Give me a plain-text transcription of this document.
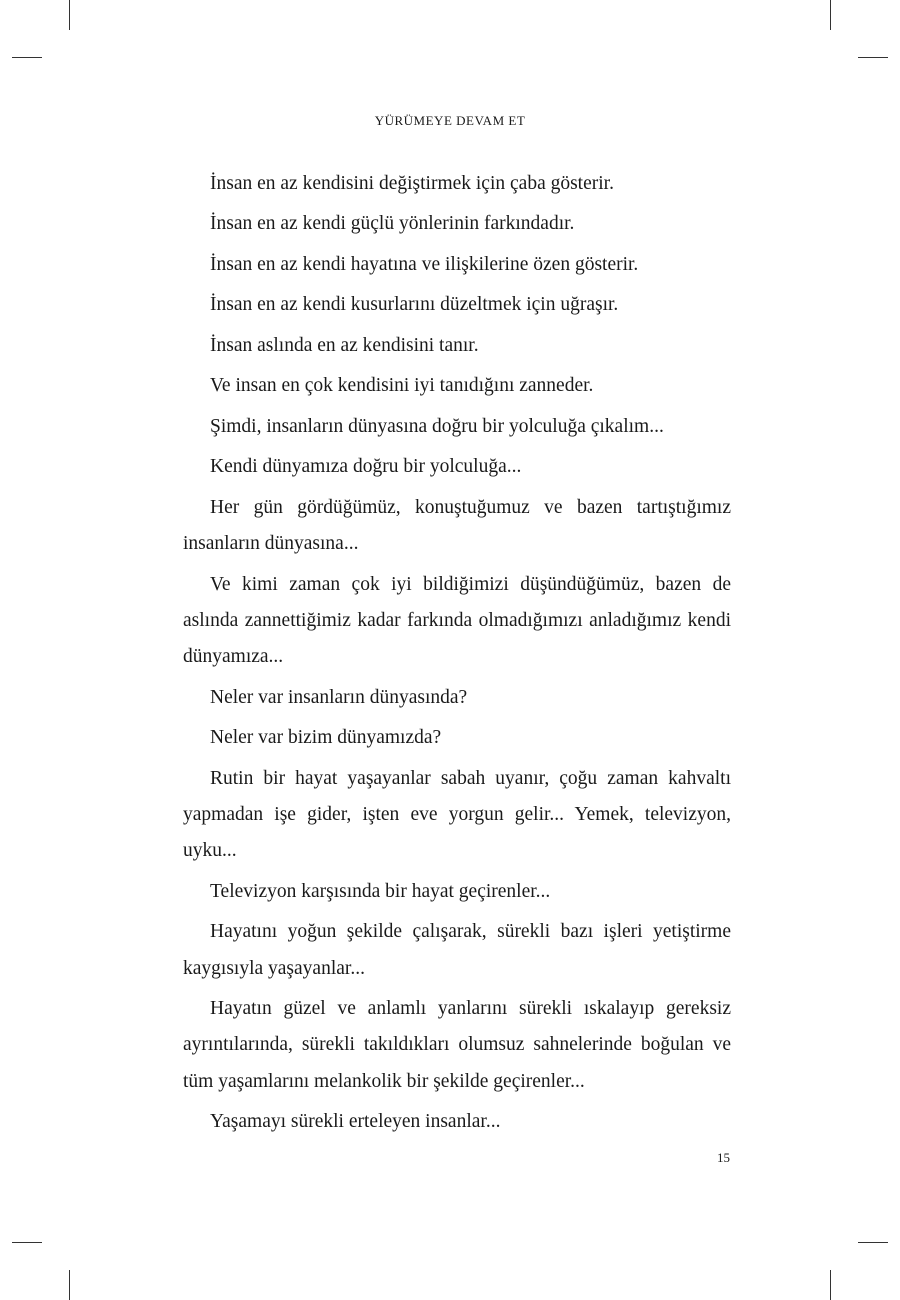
YÜRÜMEYE DEVAM ET

İnsan en az kendisini değiştirmek için çaba gösterir.

İnsan en az kendi güçlü yönlerinin farkındadır.

İnsan en az kendi hayatına ve ilişkilerine özen gösterir.

İnsan en az kendi kusurlarını düzeltmek için uğraşır.

İnsan aslında en az kendisini tanır.

Ve insan en çok kendisini iyi tanıdığını zanneder.

Şimdi, insanların dünyasına doğru bir yolculuğa çıkalım...

Kendi dünyamıza doğru bir yolculuğa...

Her gün gördüğümüz, konuştuğumuz ve bazen tartıştığımız insanların dünyasına...

Ve kimi zaman çok iyi bildiğimizi düşündüğümüz, bazen de aslında zannettiğimiz kadar farkında olmadığımızı anladığımız kendi dünyamıza...

Neler var insanların dünyasında?

Neler var bizim dünyamızda?

Rutin bir hayat yaşayanlar sabah uyanır, çoğu zaman kahvaltı yapmadan işe gider, işten eve yorgun gelir... Yemek, televizyon, uyku...

Televizyon karşısında bir hayat geçirenler...

Hayatını yoğun şekilde çalışarak, sürekli bazı işleri yetiştirme kaygısıyla yaşayanlar...

Hayatın güzel ve anlamlı yanlarını sürekli ıskalayıp gereksiz ayrıntılarında, sürekli takıldıkları olumsuz sahnelerinde boğulan ve tüm yaşamlarını melankolik bir şekilde geçirenler...

Yaşamayı sürekli erteleyen insanlar...

15
